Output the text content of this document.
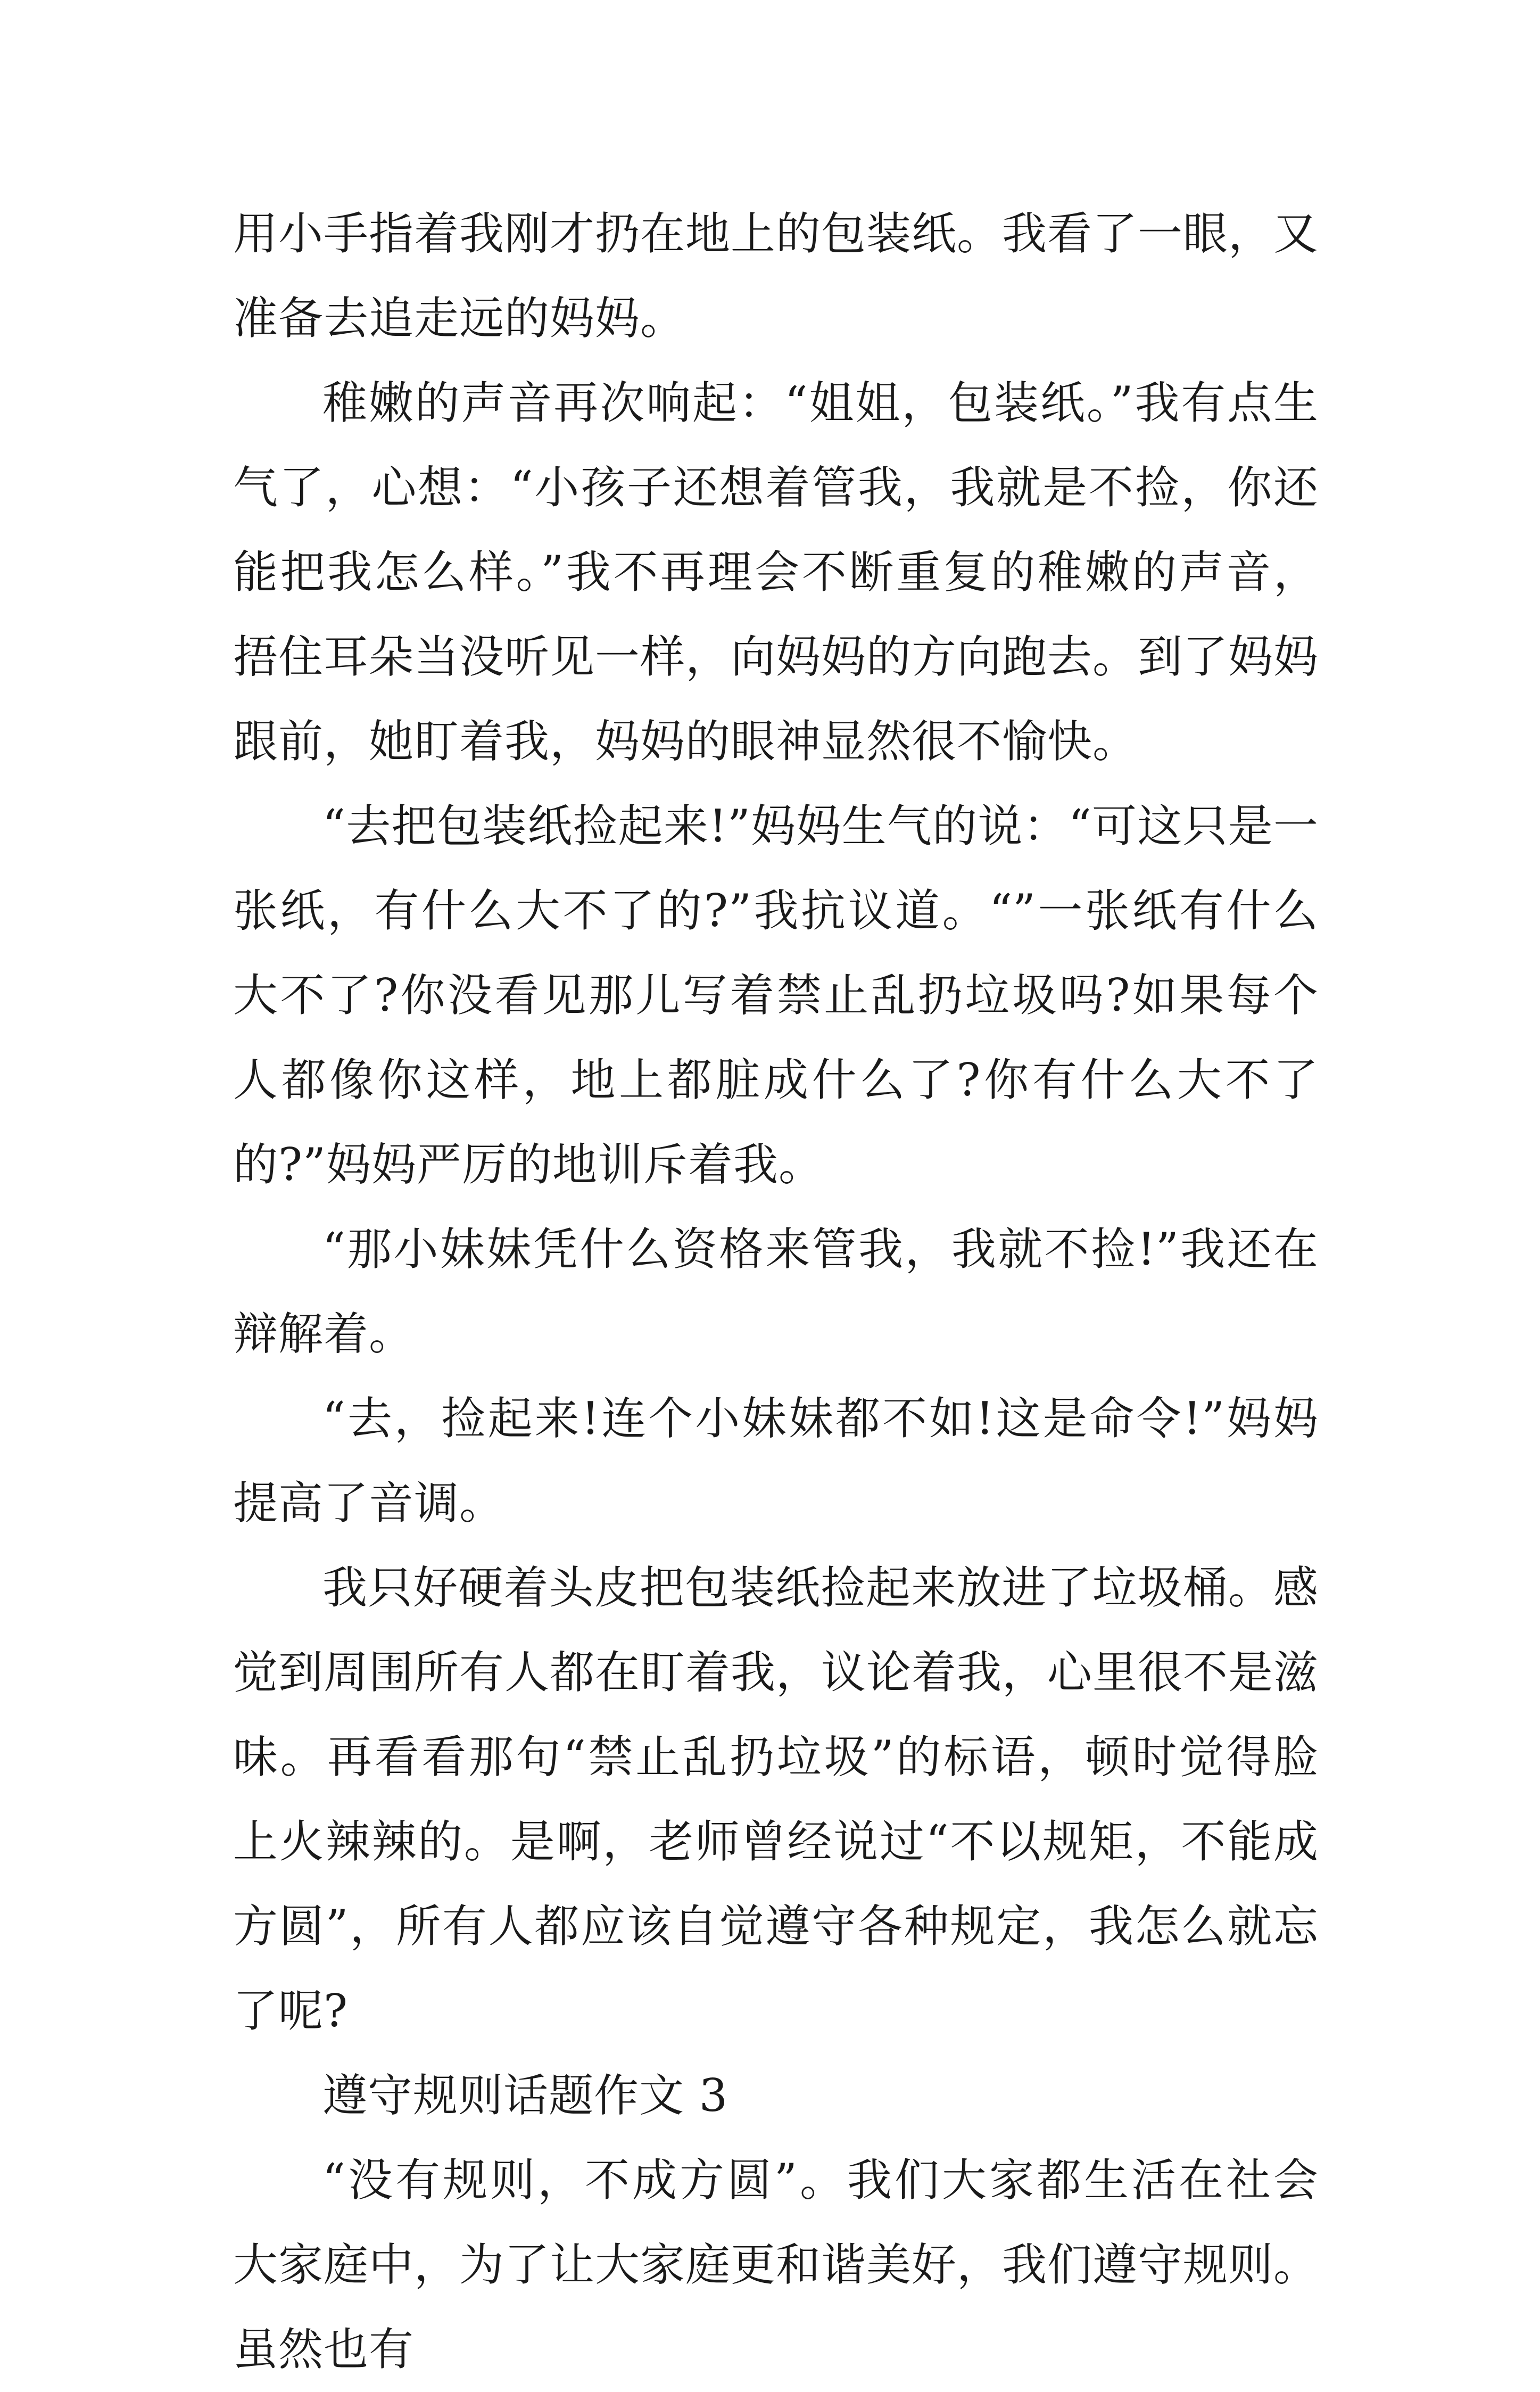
用小手指着我刚才扔在地上的包装纸。我看了一眼，又准备去追走远的妈妈。

稚嫩的声音再次响起：“姐姐，包装纸。”我有点生气了，心想：“小孩子还想着管我，我就是不捡，你还能把我怎么样。”我不再理会不断重复的稚嫩的声音，捂住耳朵当没听见一样，向妈妈的方向跑去。到了妈妈跟前，她盯着我，妈妈的眼神显然很不愉快。

“去把包装纸捡起来!”妈妈生气的说：“可这只是一张纸，有什么大不了的?”我抗议道。“”一张纸有什么大不了?你没看见那儿写着禁止乱扔垃圾吗?如果每个人都像你这样，地上都脏成什么了?你有什么大不了的?”妈妈严厉的地训斥着我。

“那小妹妹凭什么资格来管我，我就不捡!”我还在辩解着。

“去，捡起来!连个小妹妹都不如!这是命令!”妈妈提高了音调。

我只好硬着头皮把包装纸捡起来放进了垃圾桶。感觉到周围所有人都在盯着我，议论着我，心里很不是滋味。再看看那句“禁止乱扔垃圾”的标语，顿时觉得脸上火辣辣的。是啊，老师曾经说过“不以规矩，不能成方圆”，所有人都应该自觉遵守各种规定，我怎么就忘了呢?

遵守规则话题作文 3

“没有规则，不成方圆”。我们大家都生活在社会大家庭中，为了让大家庭更和谐美好，我们遵守规则。虽然也有
